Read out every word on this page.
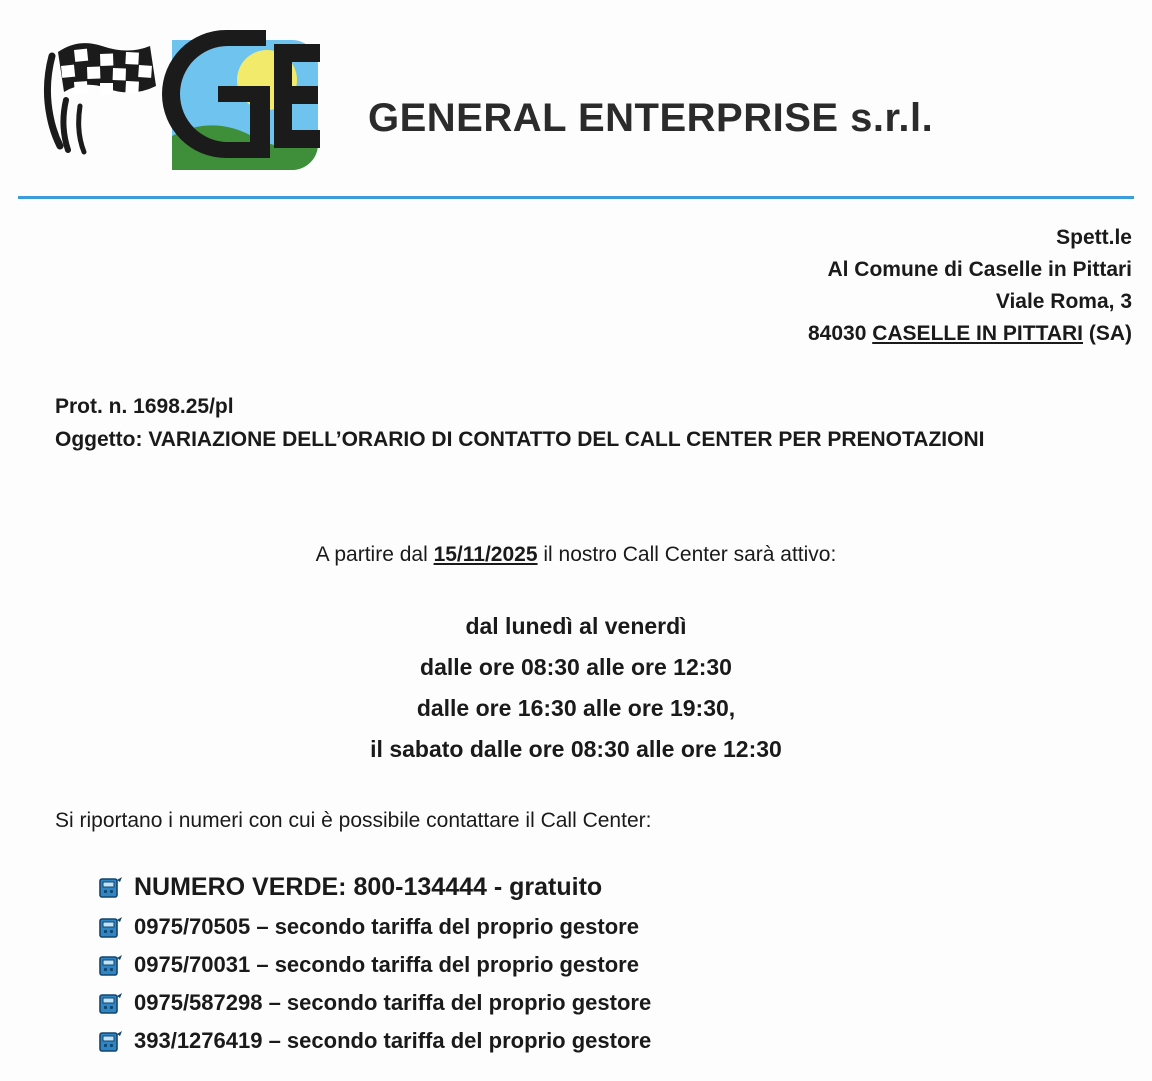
GENERAL ENTERPRISE s.r.l.
Spett.le
Al Comune di Caselle in Pittari
Viale Roma, 3
84030 CASELLE IN PITTARI (SA)
Prot. n. 1698.25/pl
Oggetto: VARIAZIONE DELL’ORARIO DI CONTATTO DEL CALL CENTER PER PRENOTAZIONI
A partire dal 15/11/2025 il nostro Call Center sarà attivo:
dal lunedì al venerdì
dalle ore 08:30 alle ore 12:30
dalle ore 16:30 alle ore 19:30,
il sabato dalle ore 08:30 alle ore 12:30
Si riportano i numeri con cui è possibile contattare il Call Center:
NUMERO VERDE: 800-134444 - gratuito
0975/70505 – secondo tariffa del proprio gestore
0975/70031 – secondo tariffa del proprio gestore
0975/587298 – secondo tariffa del proprio gestore
393/1276419 – secondo tariffa del proprio gestore
